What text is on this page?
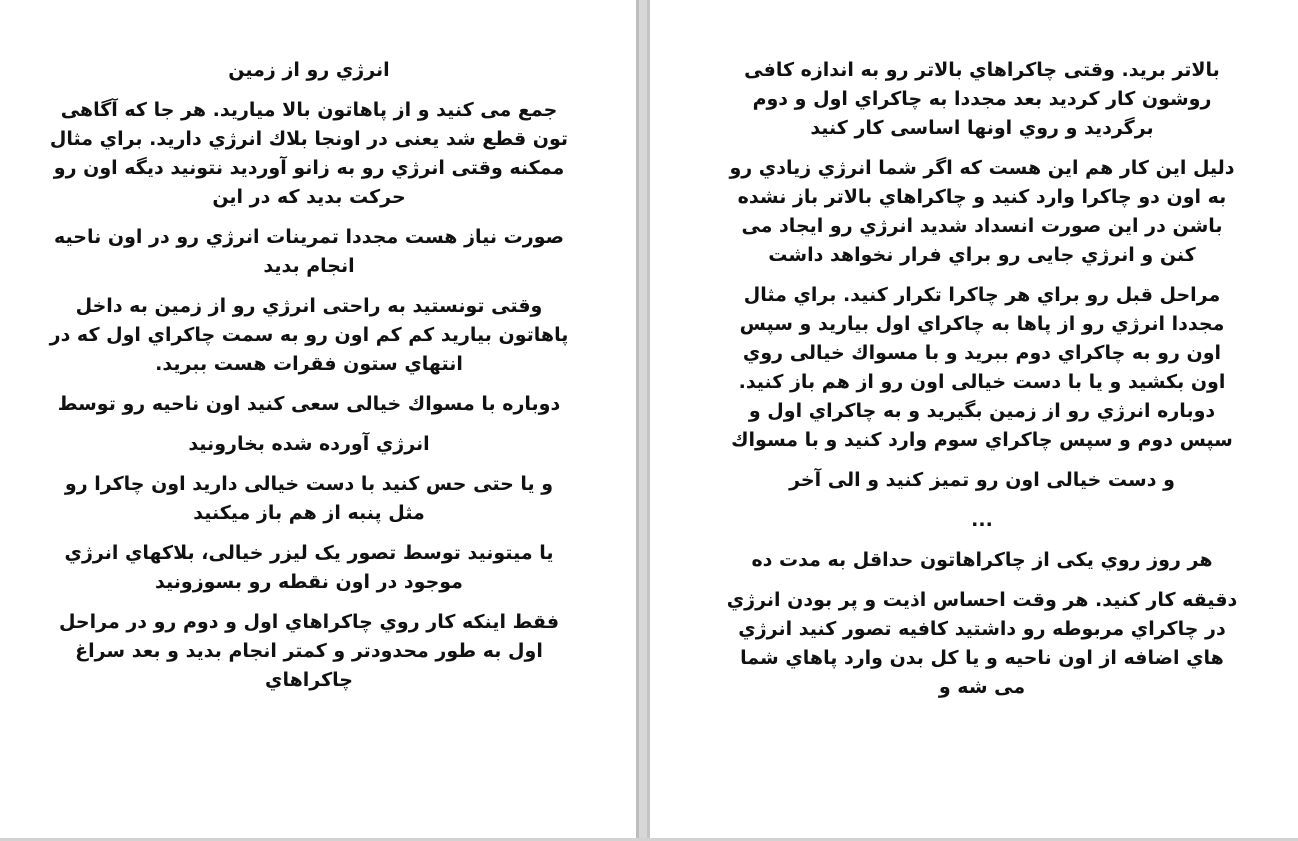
انرژي رو از زمين

جمع مى كنيد و از پاهاتون بالا مياريد. هر جا كه آگاهى تون قطع شد يعنى در اونجا بلاك انرژي داريد. براي مثال ممكنه وقتى انرژي رو به زانو آورديد نتونيد ديگه اون رو حركت بديد كه در اين

صورت نياز هست مجددا تمرينات انرژي رو در اون ناحيه انجام بديد

وقتى تونستيد به راحتى انرژي رو از زمين به داخل پاهاتون بياريد كم كم اون رو به سمت چاكراي اول كه در انتهاي ستون فقرات هست ببريد.

دوباره با مسواك خيالى سعى كنيد اون ناحيه رو توسط

انرژي آورده شده بخارونيد

و يا حتى حس كنيد با دست خيالى داريد اون چاكرا رو مثل پنبه از هم باز ميكنيد

يا ميتونيد توسط تصور يک ليزر خيالى، بلاكهاي انرژي موجود در اون نقطه رو بسوزونيد

فقط اينكه كار روي چاكراهاي اول و دوم رو در مراحل اول به طور محدودتر و كمتر انجام بديد و بعد سراغ چاكراهاي

بالاتر بريد. وقتى چاكراهاي بالاتر رو به اندازه كافى روشون كار كرديد بعد مجددا به چاكراي اول و دوم برگرديد و روي اونها اساسى كار كنيد

دليل اين كار هم اين هست كه اگر شما انرژي زيادي رو به اون دو چاكرا وارد كنيد و چاكراهاي بالاتر باز نشده باشن در اين صورت انسداد شديد انرژي رو ايجاد مى كنن و انرژي جايى رو براي فرار نخواهد داشت

مراحل قبل رو براي هر چاكرا تكرار كنيد. براي مثال مجددا انرژي رو از پاها به چاكراي اول بياريد و سپس اون رو به چاكراي دوم ببريد و با مسواك خيالى روي اون بكشيد و يا با دست خيالى اون رو از هم باز كنيد. دوباره انرژي رو از زمين بگيريد و به چاكراي اول و سپس دوم و سپس چاكراي سوم وارد كنيد و با مسواك

و دست خيالى اون رو تميز كنيد و الى آخر

...

هر روز روي يكى از چاكراهاتون حداقل به مدت ده

دقيقه كار كنيد. هر وقت احساس اذيت و پر بودن انرژي در چاكراي مربوطه رو داشتيد كافيه تصور كنيد انرژي هاي اضافه از اون ناحيه و يا كل بدن وارد پاهاي شما مى شه و
